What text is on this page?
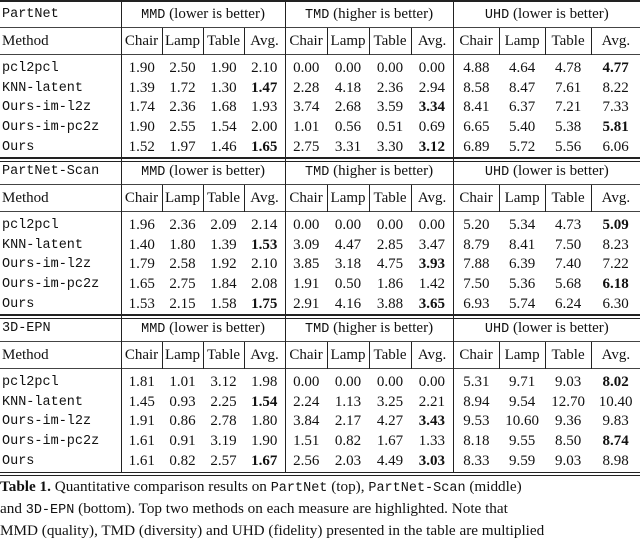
PartNet	MMD (lower is better)				TMD (higher is better)				UHD (lower is better)			
Method	Chair	Lamp	Table	Avg.	Chair	Lamp	Table	Avg.	Chair	Lamp	Table	Avg.

pcl2pcl	1.90	2.50	1.90	2.10	0.00	0.00	0.00	0.00	4.88	4.64	4.78	4.77
KNN-latent	1.39	1.72	1.30	1.47	2.28	4.18	2.36	2.94	8.58	8.47	7.61	8.22
Ours-im-l2z	1.74	2.36	1.68	1.93	3.74	2.68	3.59	3.34	8.41	6.37	7.21	7.33
Ours-im-pc2z	1.90	2.55	1.54	2.00	1.01	0.56	0.51	0.69	6.65	5.40	5.38	5.81
Ours	1.52	1.97	1.46	1.65	2.75	3.31	3.30	3.12	6.89	5.72	5.56	6.06
PartNet-Scan	MMD (lower is better)				TMD (higher is better)				UHD (lower is better)			
Method	Chair	Lamp	Table	Avg.	Chair	Lamp	Table	Avg.	Chair	Lamp	Table	Avg.

pcl2pcl	1.96	2.36	2.09	2.14	0.00	0.00	0.00	0.00	5.20	5.34	4.73	5.09
KNN-latent	1.40	1.80	1.39	1.53	3.09	4.47	2.85	3.47	8.79	8.41	7.50	8.23
Ours-im-l2z	1.79	2.58	1.92	2.10	3.85	3.18	4.75	3.93	7.88	6.39	7.40	7.22
Ours-im-pc2z	1.65	2.75	1.84	2.08	1.91	0.50	1.86	1.42	7.50	5.36	5.68	6.18
Ours	1.53	2.15	1.58	1.75	2.91	4.16	3.88	3.65	6.93	5.74	6.24	6.30
3D-EPN	MMD (lower is better)				TMD (higher is better)				UHD (lower is better)			
Method	Chair	Lamp	Table	Avg.	Chair	Lamp	Table	Avg.	Chair	Lamp	Table	Avg.

pcl2pcl	1.81	1.01	3.12	1.98	0.00	0.00	0.00	0.00	5.31	9.71	9.03	8.02
KNN-latent	1.45	0.93	2.25	1.54	2.24	1.13	3.25	2.21	8.94	9.54	12.70	10.40
Ours-im-l2z	1.91	0.86	2.78	1.80	3.84	2.17	4.27	3.43	9.53	10.60	9.36	9.83
Ours-im-pc2z	1.61	0.91	3.19	1.90	1.51	0.82	1.67	1.33	8.18	9.55	8.50	8.74
Ours	1.61	0.82	2.57	1.67	2.56	2.03	4.49	3.03	8.33	9.59	9.03	8.98
Table 1. Quantitative comparison results on PartNet (top), PartNet-Scan (middle)
and 3D-EPN (bottom). Top two methods on each measure are highlighted. Note that
MMD (quality), TMD (diversity) and UHD (fidelity) presented in the table are multiplied
